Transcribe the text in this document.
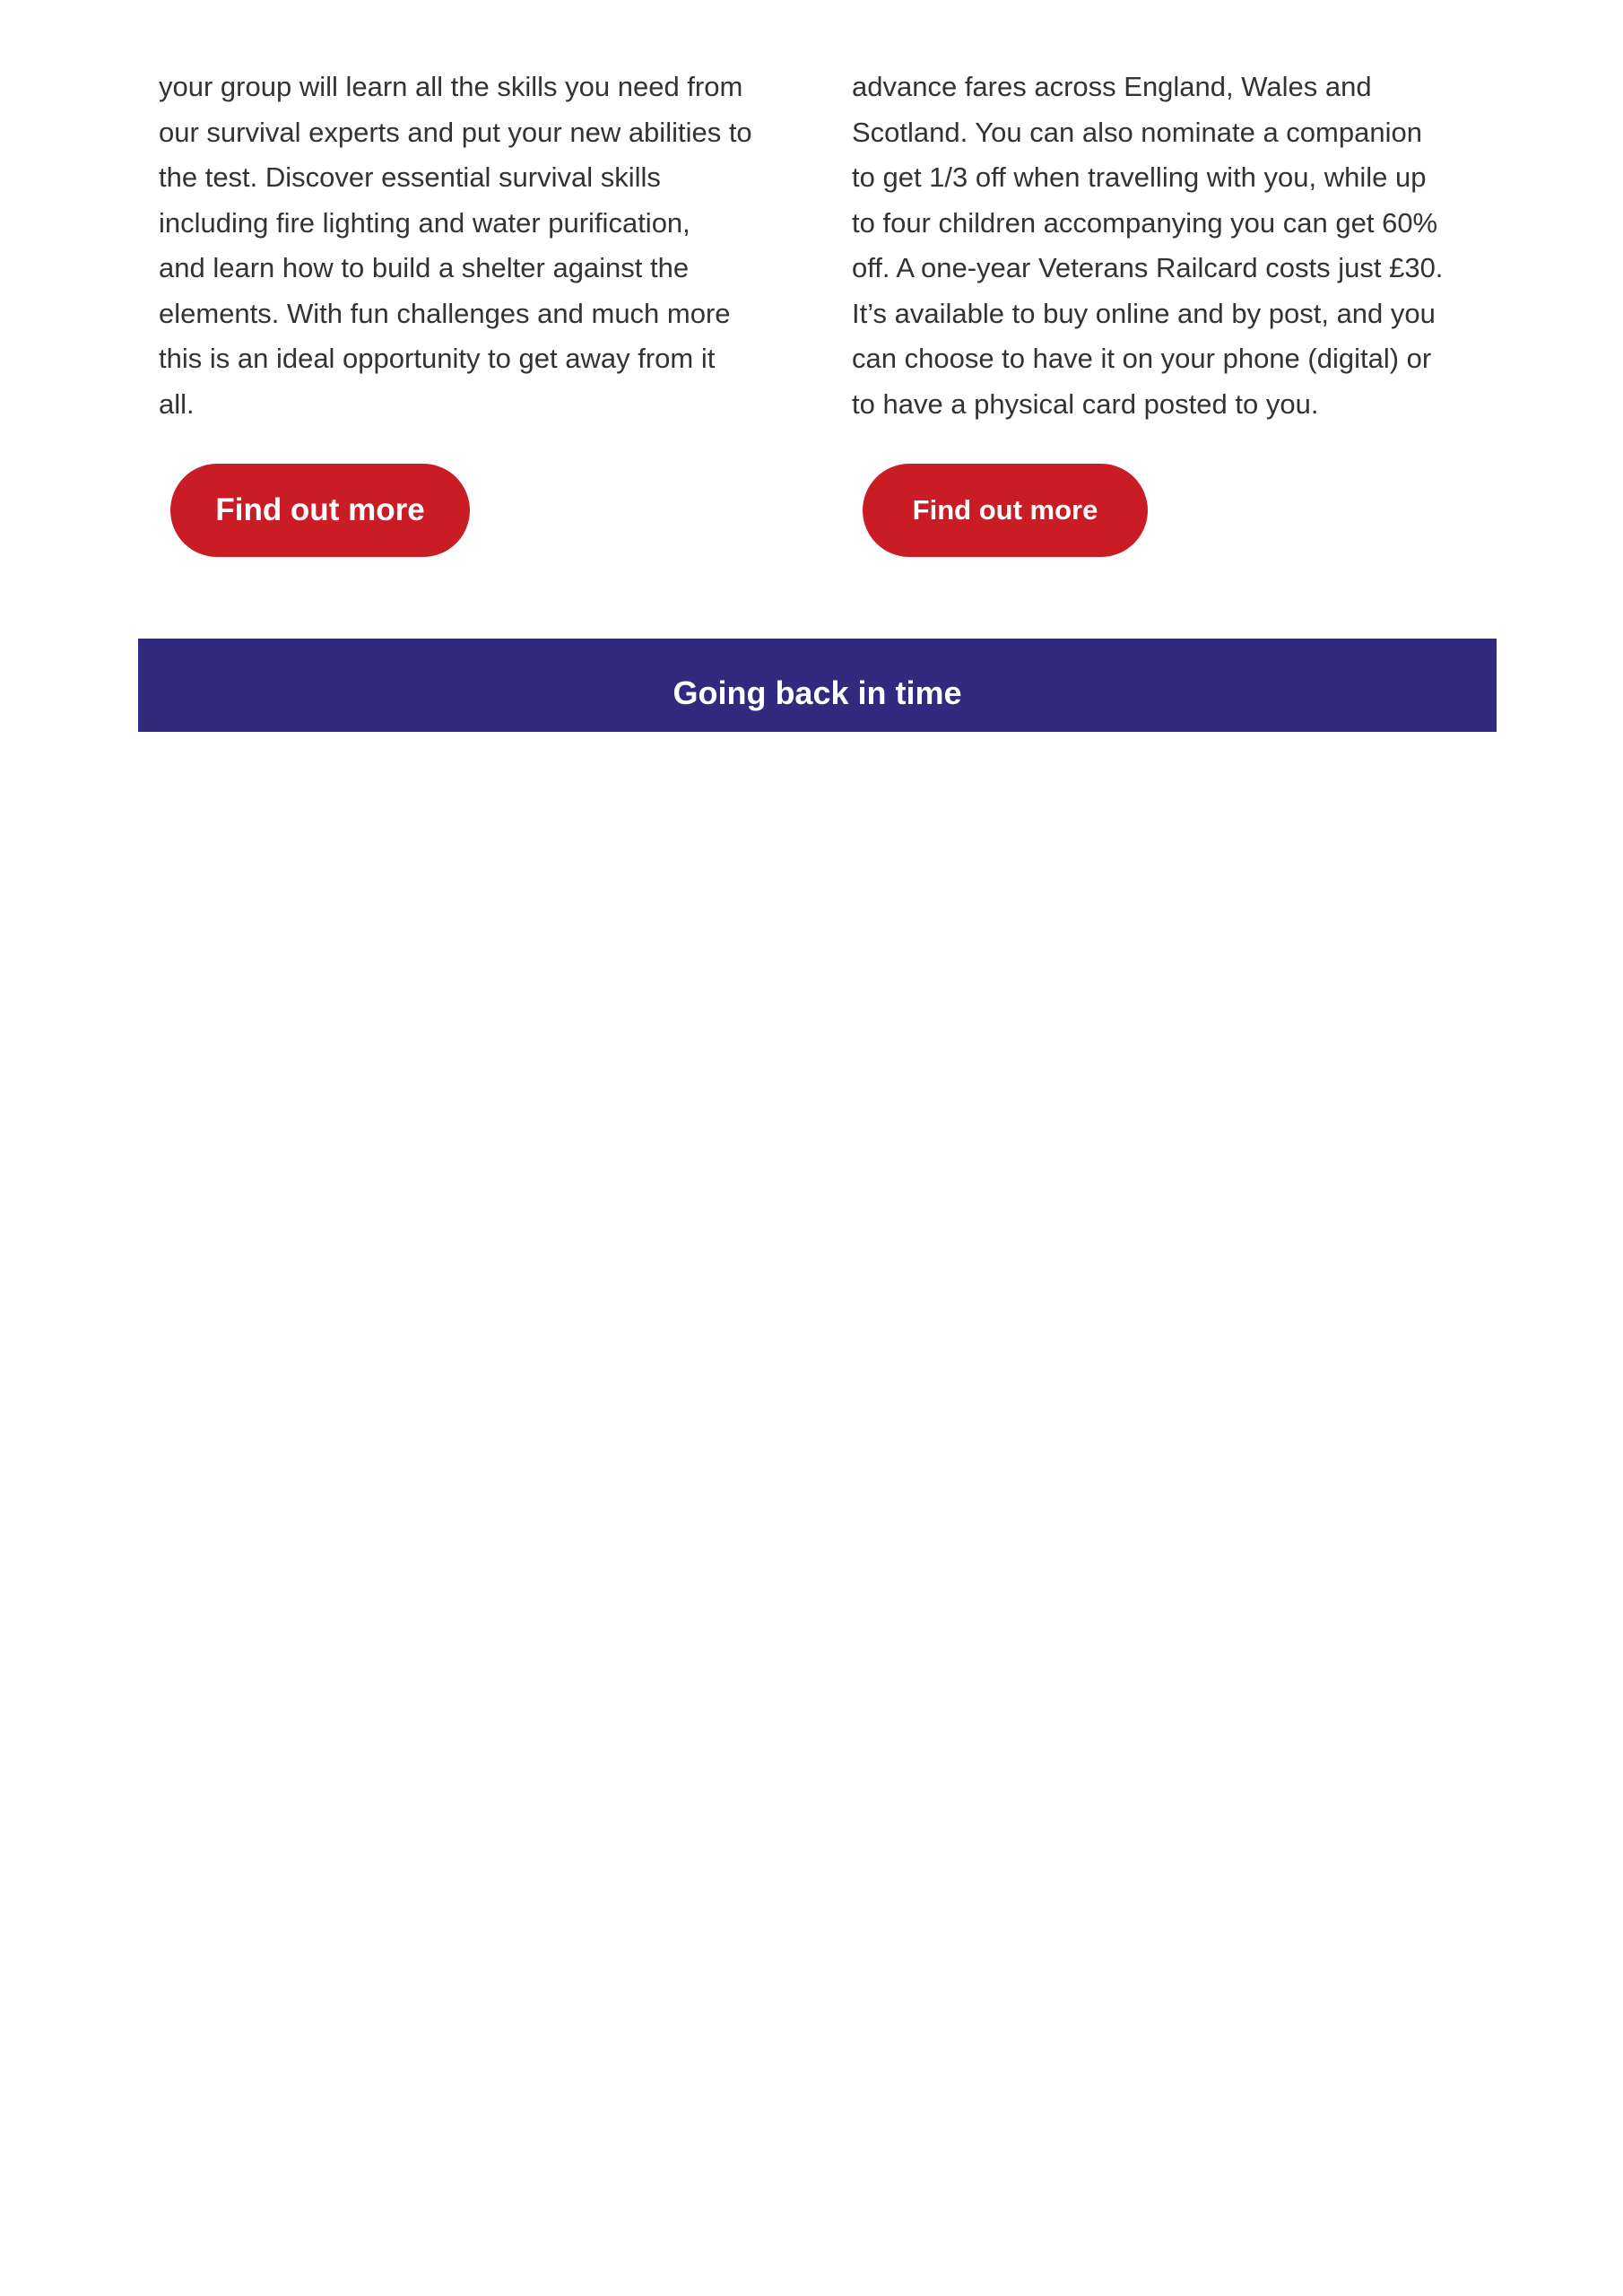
your group will learn all the skills you need from
our survival experts and put your new abilities to
the test. Discover essential survival skills
including fire lighting and water purification,
and learn how to build a shelter against the
elements. With fun challenges and much more
this is an ideal opportunity to get away from it
all.

Find out more

advance fares across England, Wales and
Scotland. You can also nominate a companion
to get 1/3 off when travelling with you, while up
to four children accompanying you can get 60%
off. A one-year Veterans Railcard costs just £30.
It’s available to buy online and by post, and you
can choose to have it on your phone (digital) or
to have a physical card posted to you.

Find out more
Going back in time
